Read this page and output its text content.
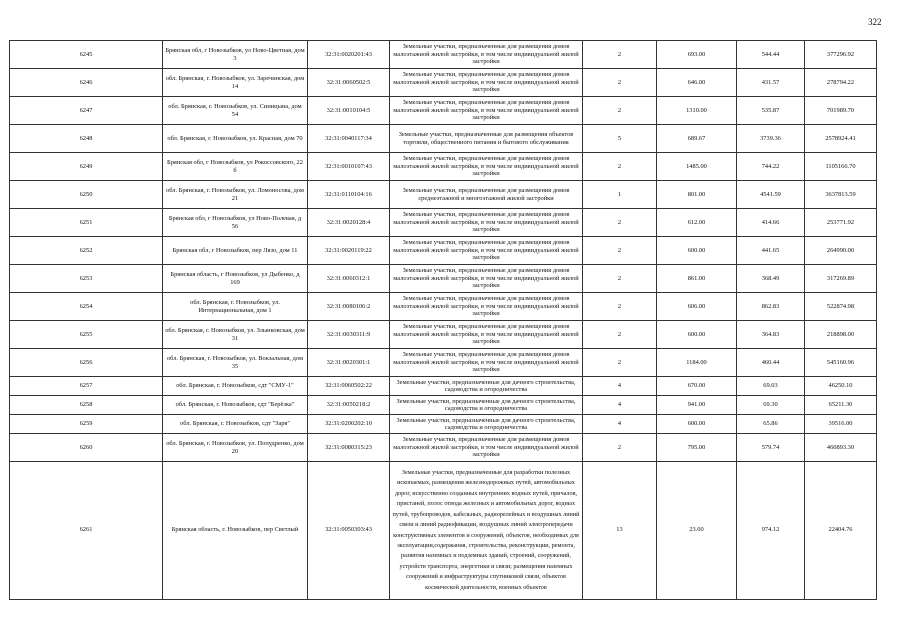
322
6245	Брянская обл, г Новозыбков, ул Ново-Цветная, дом 3	32:31:0020201:43	Земельные участки, предназначенные для размещения домов малоэтажной жилой застройки, в том числе индивидуальной жилой застройки	2	693.00	544.44	377296.92
6246	обл. Брянская, г. Новозыбков, ул. Заречинская, дом 14	32:31:0060502:5	Земельные участки, предназначенные для размещения домов малоэтажной жилой застройки, в том числе индивидуальной жилой застройки	2	646.00	431.57	278794.22
6247	обл. Брянская, г. Новозыбков, ул. Синицына, дом 54	32:31:0010104:5	Земельные участки, предназначенные для размещения домов малоэтажной жилой застройки, в том числе индивидуальной жилой застройки	2	1310.00	535.87	701989.70
6248	обл. Брянская, г. Новозыбков, ул. Красная, дом 70	32:31:0040117:34	Земельные участки, предназначенные для размещения объектов торговли, общественного питания и бытового обслуживания	5	689.67	3739.36	2578924.41
6249	Брянская обл, г Новозыбков, ул Рокоссовского, 22 б	32:31:0010107:43	Земельные участки, предназначенные для размещения домов малоэтажной жилой застройки, в том числе индивидуальной жилой застройки	2	1485.00	744.22	1105166.70
6250	обл. Брянская, г. Новозыбков, ул. Ломоносова, дом 21	32:31:0110104:16	Земельные участки, предназначенные для размещения домов среднеэтажной и многоэтажной жилой застройки	1	801.00	4541.59	3637813.59
6251	Брянская обл, г Новозыбков, ул Ново-Полевая, д 56	32:31:0020128:4	Земельные участки, предназначенные для размещения домов малоэтажной жилой застройки, в том числе индивидуальной жилой застройки	2	612.00	414.66	253771.92
6252	Брянская обл, г Новозыбков, пер Лязо, дом 11	32:31:0020119:22	Земельные участки, предназначенные для размещения домов малоэтажной жилой застройки, в том числе индивидуальной жилой застройки	2	600.00	441.65	264990.00
6253	Брянская область, г Новозыбков, ул Дыбенко, д 169	32:31:0060312:1	Земельные участки, предназначенные для размещения домов малоэтажной жилой застройки, в том числе индивидуальной жилой застройки	2	861.00	368.49	317269.89
6254	обл. Брянская, г. Новозыбков, ул. Интернациональная, дом 1	32:31:0080106:2	Земельные участки, предназначенные для размещения домов малоэтажной жилой застройки, в том числе индивидуальной жилой застройки	2	606.00	862.83	522874.98
6255	обл. Брянская, г. Новозыбков, ул. Злынковская, дом 31	32:31:0030311:9	Земельные участки, предназначенные для размещения домов малоэтажной жилой застройки, в том числе индивидуальной жилой застройки	2	600.00	364.83	218898.00
6256	обл. Брянская, г. Новозыбков, ул. Вокзальная, дом 35	32:31:0020301:1	Земельные участки, предназначенные для размещения домов малоэтажной жилой застройки, в том числе индивидуальной жилой застройки	2	1184.00	460.44	545160.96
6257	обл. Брянская, г. Новозыбков, сдт "СМУ-1"	32:31:0060502:22	Земельные участки, предназначенные для дачного строительства, садоводства и огородничества	4	670.00	69.03	46250.10
6258	обл. Брянская, г. Новозыбков, сдт "Берёзка"	32:31:0050218:2	Земельные участки, предназначенные для дачного строительства, садоводства и огородничества	4	941.00	69.30	65211.30
6259	обл. Брянская, г. Новозыбков, сдт "Заря"	32:31:0200202:10	Земельные участки, предназначенные для дачного строительства, садоводства и огородничества	4	600.00	65.86	39516.00
6260	обл. Брянская, г. Новозыбков, ул. Попудренко, дом 20	32:31:0080315:23	Земельные участки, предназначенные для размещения домов малоэтажной жилой застройки, в том числе индивидуальной жилой застройки	2	795.00	579.74	460893.30
6261	Брянская область, г. Новозыбков, пер Светлый	32:31:0050303:43	Земельные участки, предназначенные для разработки полезных ископаемых, размещения железнодорожных путей, автомобильных дорог, искусственно созданных внутренних водных путей, причалов, пристаней, полос отвода железных и автомобильных дорог, водных путей, трубопроводов, кабельных, радиорелейных и воздушных линий связи и линий радиофикации, воздушных линий электропередачи конструктивных элементов и сооружений, объектов, необходимых для эксплуатации,содержания, строительства, реконструкции, ремонта, развития наземных и подземных зданий, строений, сооружений, устройств транспорта, энергетики и связи; размещения наземных сооружений и инфраструктуры спутниковой связи, объектов космической деятельности, военных объектов	13	23.00	974.12	22404.76
